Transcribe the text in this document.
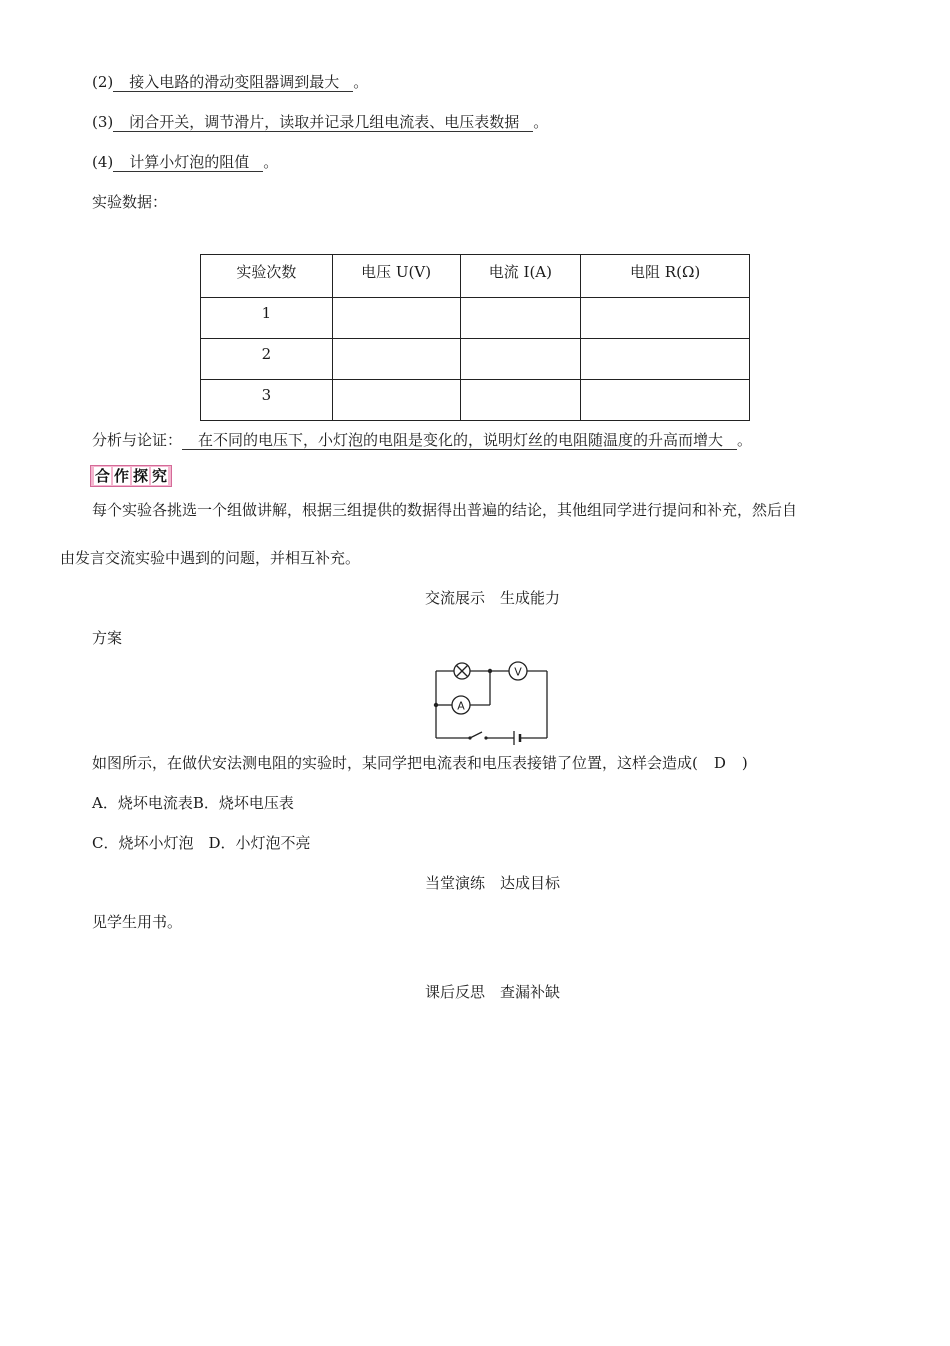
(2) 接入电路的滑动变阻器调到最大 。
(3) 闭合开关，调节滑片，读取并记录几组电流表、电压表数据 。
(4) 计算小灯泡的阻值 。
实验数据：
实验次数	电压 U(V)	电流 I(A)	电阻 R(Ω)
1			
2			
3			
分析与论证： 在不同的电压下，小灯泡的电阻是变化的，说明灯丝的电阻随温度的升高而增大 。
合 作 探 究
每个实验各挑选一个组做讲解，根据三组提供的数据得出普遍的结论，其他组同学进行提问和补充，然后自
由发言交流实验中遇到的问题，并相互补充。
交流展示　生成能力
方案
V
A
如图所示，在做伏安法测电阻的实验时，某同学把电流表和电压表接错了位置，这样会造成( D )
A．烧坏电流表B．烧坏电压表
C．烧坏小灯泡　D．小灯泡不亮
当堂演练　达成目标
见学生用书。
课后反思　查漏补缺
